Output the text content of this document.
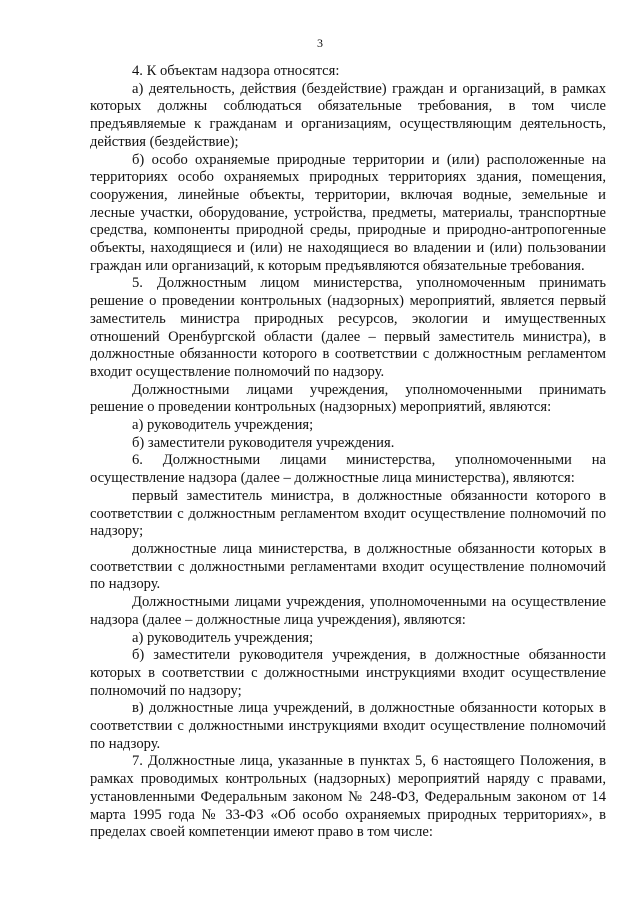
3

4. К объектам надзора относятся:

а) деятельность, действия (бездействие) граждан и организаций, в рамках которых должны соблюдаться обязательные требования, в том числе предъявляемые к гражданам и организациям, осуществляющим деятельность, действия (бездействие);

б) особо охраняемые природные территории и (или) расположенные на территориях особо охраняемых природных территориях здания, помещения, сооружения, линейные объекты, территории, включая водные, земельные и лесные участки, оборудование, устройства, предметы, материалы, транспортные средства, компоненты природной среды, природные и природно-антропогенные объекты, находящиеся и (или) не находящиеся во владении и (или) пользовании граждан или организаций, к которым предъявляются обязательные требования.

5. Должностным лицом министерства, уполномоченным принимать решение о проведении контрольных (надзорных) мероприятий, является первый заместитель министра природных ресурсов, экологии и имущественных отношений Оренбургской области (далее – первый заместитель министра), в должностные обязанности которого в соответствии с должностным регламентом входит осуществление полномочий по надзору.

Должностными лицами учреждения, уполномоченными принимать решение о проведении контрольных (надзорных) мероприятий, являются:

а) руководитель учреждения;

б) заместители руководителя учреждения.

6. Должностными лицами министерства, уполномоченными на осуществление надзора (далее – должностные лица министерства), являются:

первый заместитель министра, в должностные обязанности которого в соответствии с должностным регламентом входит осуществление полномочий по надзору;

должностные лица министерства, в должностные обязанности которых в соответствии с должностными регламентами входит осуществление полномочий по надзору.

Должностными лицами учреждения, уполномоченными на осуществление надзора (далее – должностные лица учреждения), являются:

а) руководитель учреждения;

б) заместители руководителя учреждения, в должностные обязанности которых в соответствии с должностными инструкциями входит осуществление полномочий по надзору;

в) должностные лица учреждений, в должностные обязанности которых в соответствии с должностными инструкциями входит осуществление полномочий по надзору.

7. Должностные лица, указанные в пунктах 5, 6 настоящего Положения, в рамках проводимых контрольных (надзорных) мероприятий наряду с правами, установленными Федеральным законом № 248-ФЗ, Федеральным законом от 14 марта 1995 года № 33-ФЗ «Об особо охраняемых природных территориях», в пределах своей компетенции имеют право в том числе:
